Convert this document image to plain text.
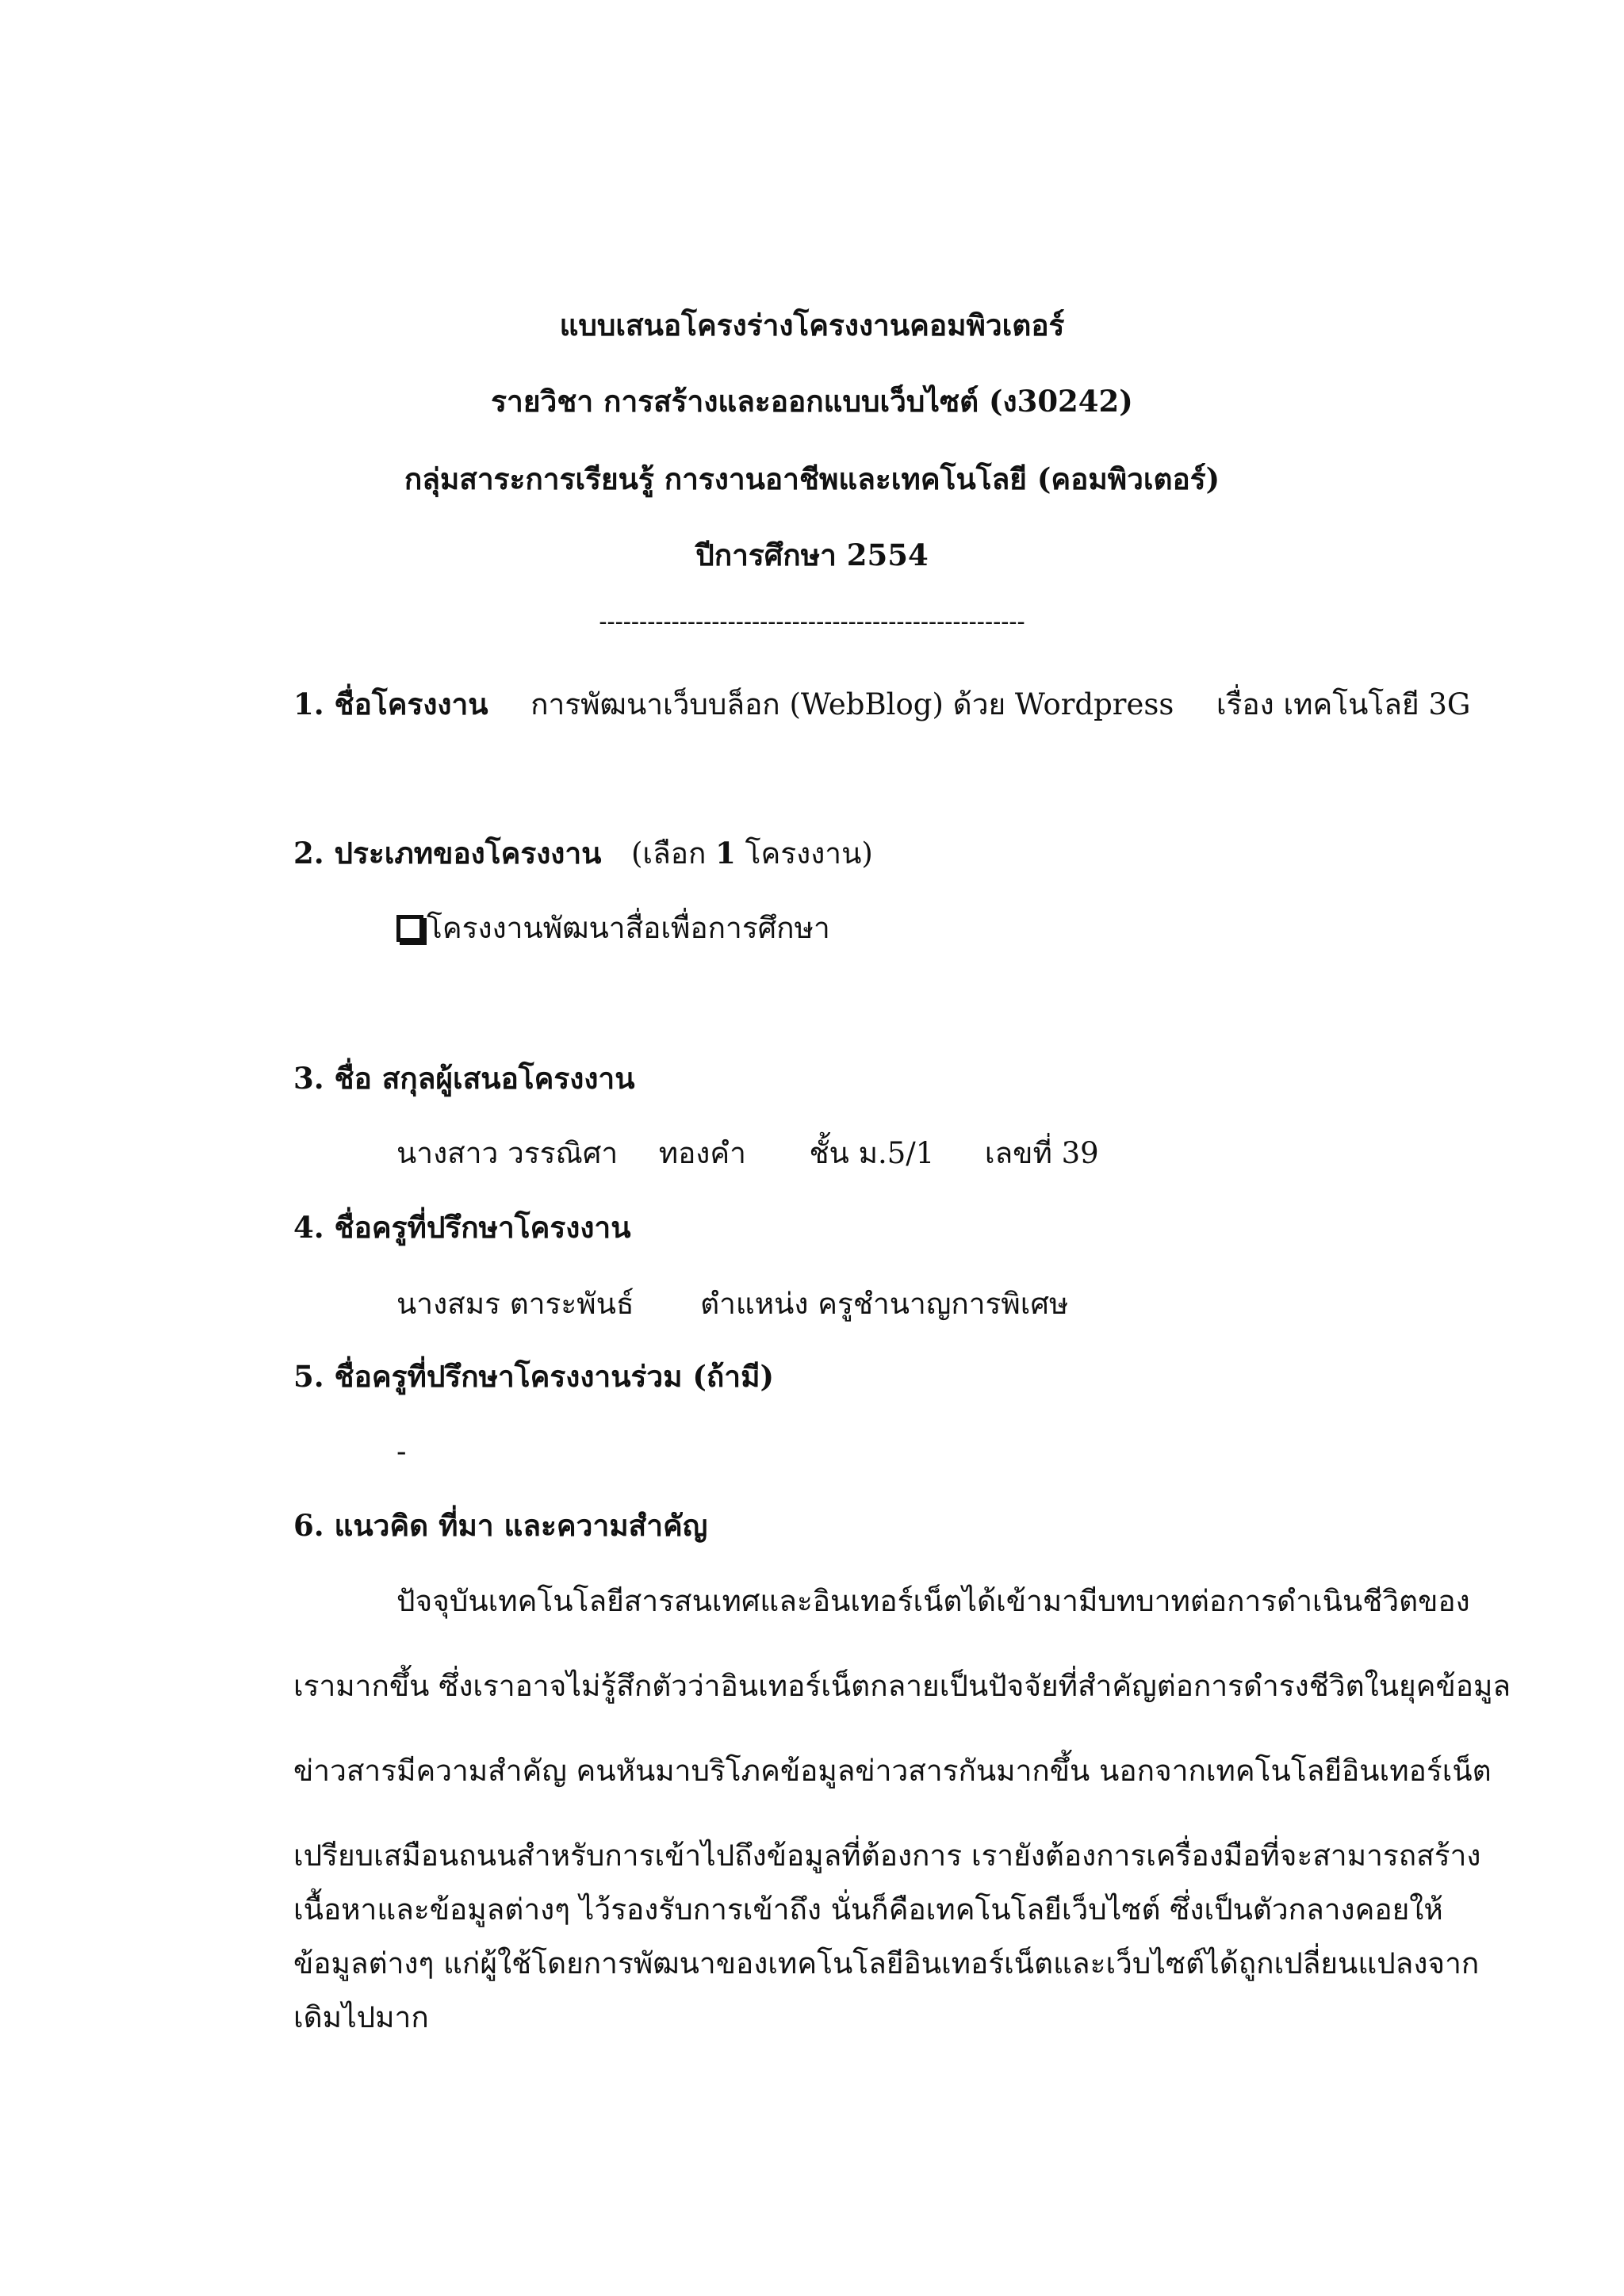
แบบเสนอโครงร่างโครงงานคอมพิวเตอร์
รายวิชา การสร้างและออกแบบเว็บไซต์ (ง30242)
กลุ่มสาระการเรียนรู้ การงานอาชีพและเทคโนโลยี (คอมพิวเตอร์)
ปีการศึกษา 2554
-----------------------------------------------------
1. ชื่อโครงงาน การพัฒนาเว็บบล็อก (WebBlog) ด้วย Wordpress เรื่อง เทคโนโลยี 3G
2. ประเภทของโครงงาน (เลือก 1 โครงงาน)
โครงงานพัฒนาสื่อเพื่อการศึกษา
3. ชื่อ สกุลผู้เสนอโครงงาน
นางสาว วรรณิศา ทองคำ ชั้น ม.5/1 เลขที่ 39
4. ชื่อครูที่ปรึกษาโครงงาน
นางสมร ตาระพันธ์ ตำแหน่ง ครูชำนาญการพิเศษ
5. ชื่อครูที่ปรึกษาโครงงานร่วม (ถ้ามี)
-
6. แนวคิด ที่มา และความสำคัญ
ปัจจุบันเทคโนโลยีสารสนเทศและอินเทอร์เน็ตได้เข้ามามีบทบาทต่อการดำเนินชีวิตของ
เรามากขึ้น ซึ่งเราอาจไม่รู้สึกตัวว่าอินเทอร์เน็ตกลายเป็นปัจจัยที่สำคัญต่อการดำรงชีวิตในยุคข้อมูล
ข่าวสารมีความสำคัญ คนหันมาบริโภคข้อมูลข่าวสารกันมากขึ้น นอกจากเทคโนโลยีอินเทอร์เน็ต
เปรียบเสมือนถนนสำหรับการเข้าไปถึงข้อมูลที่ต้องการ เรายังต้องการเครื่องมือที่จะสามารถสร้าง
เนื้อหาและข้อมูลต่างๆ ไว้รองรับการเข้าถึง นั่นก็คือเทคโนโลยีเว็บไซต์ ซึ่งเป็นตัวกลางคอยให้
ข้อมูลต่างๆ แก่ผู้ใช้โดยการพัฒนาของเทคโนโลยีอินเทอร์เน็ตและเว็บไซต์ได้ถูกเปลี่ยนแปลงจาก
เดิมไปมาก
